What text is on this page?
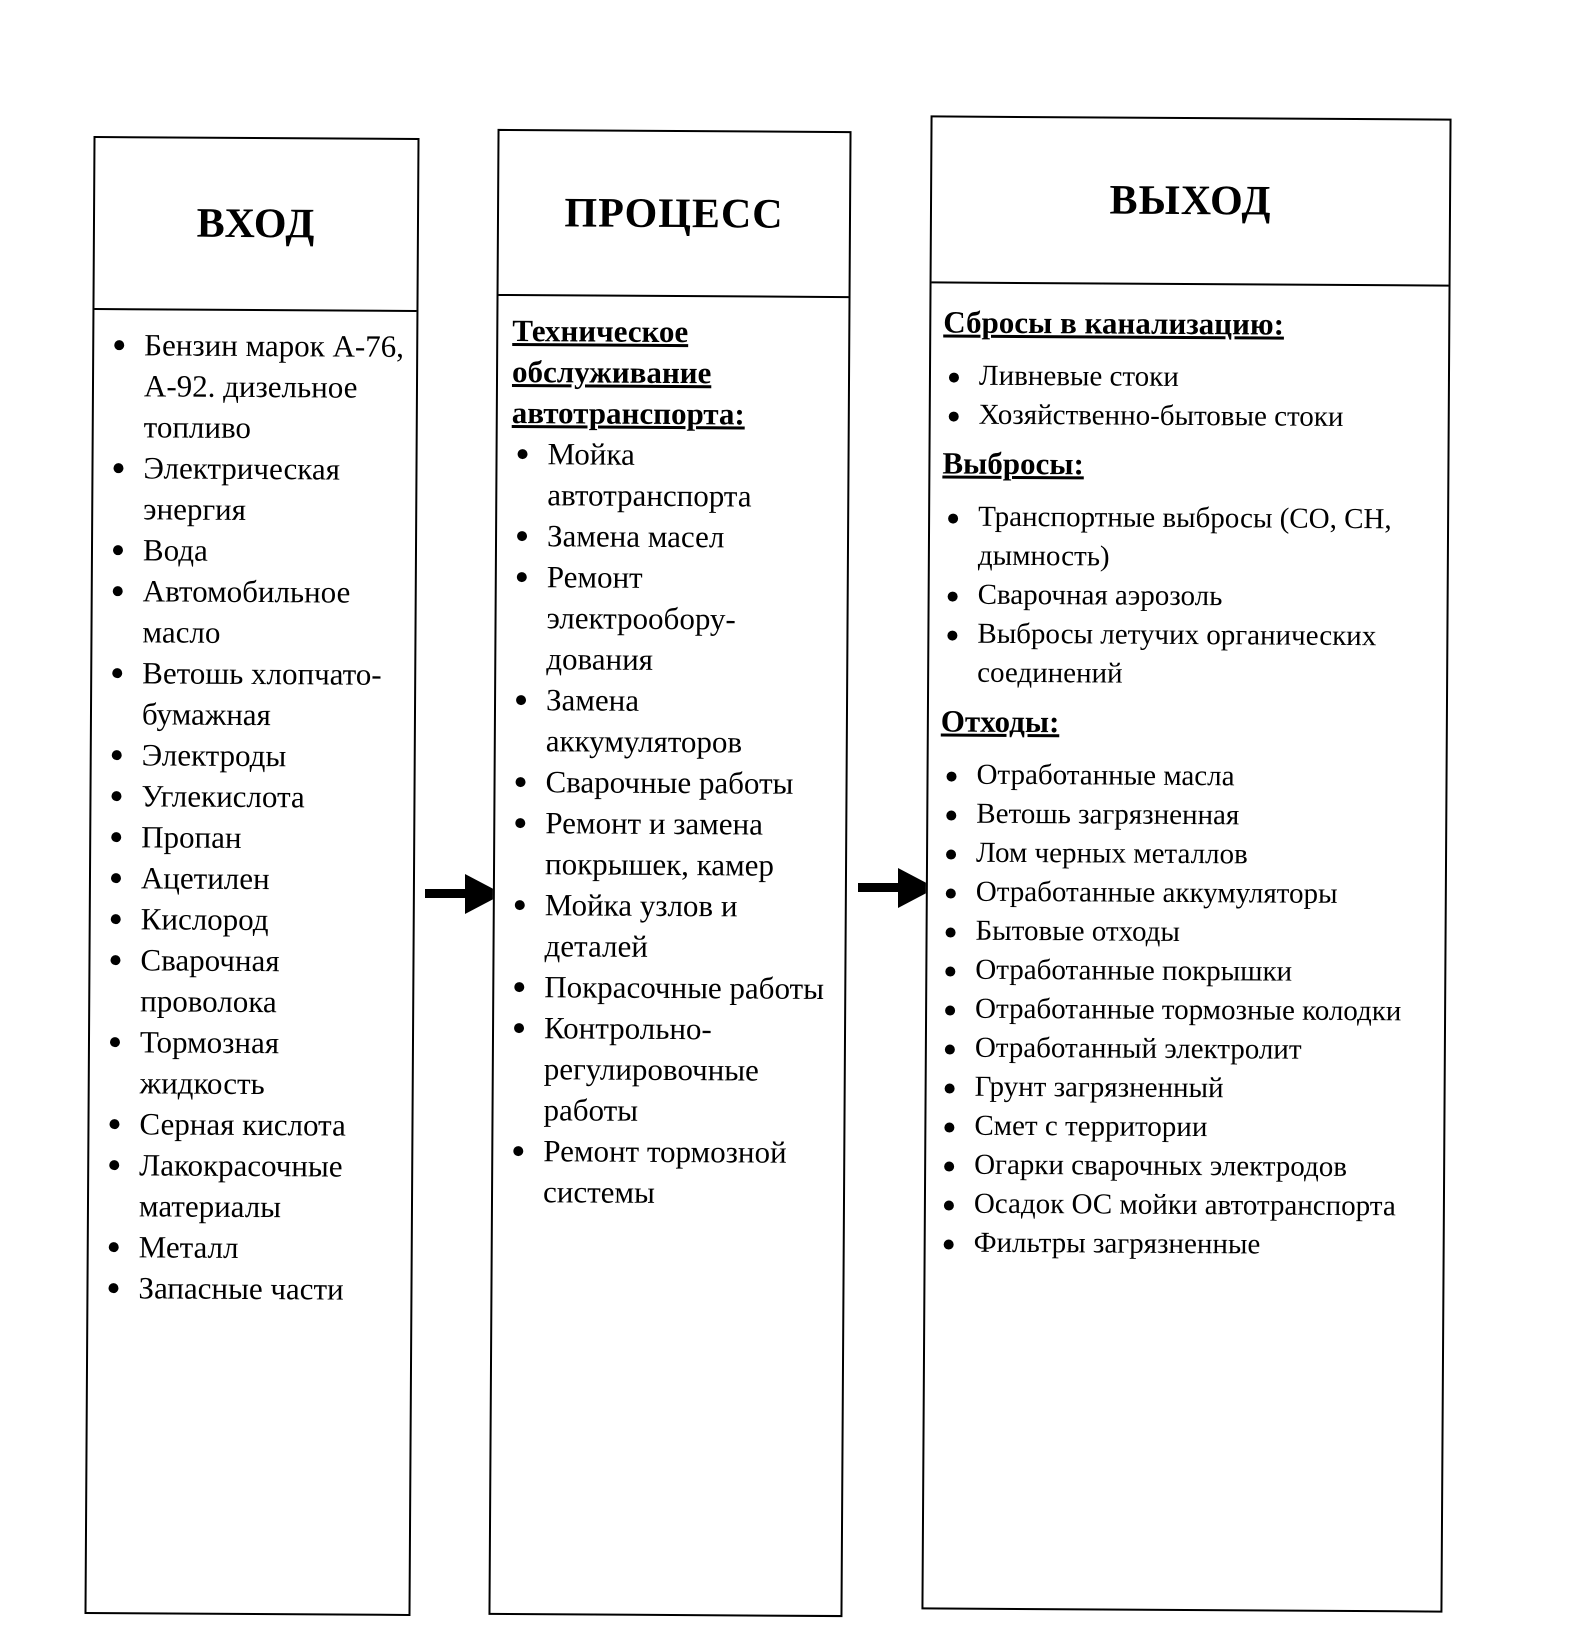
ВХОД
Бензин марок А-76, А-92. дизельное топливо
Электрическая энергия
Вода
Автомобильное масло
Ветошь хлопчато-бумажная
Электроды
Углекислота
Пропан
Ацетилен
Кислород
Сварочная проволока
Тормозная жидкость
Серная кислота
Лакокрасочные материалы
Металл
Запасные части
ПРОЦЕСС
Техническое обслуживание автотранспорта:
Мойка автотранспорта
Замена масел
Ремонт электрообору-дования
Замена аккумуляторов
Сварочные работы
Ремонт и замена покрышек, камер
Мойка узлов и деталей
Покрасочные работы
Контрольно-регулировочные работы
Ремонт тормозной системы
ВЫХОД
Сбросы в канализацию:
Ливневые стоки
Хозяйственно-бытовые стоки
Выбросы:
Транспортные выбросы (CO, CH, дымность)
Сварочная аэрозоль
Выбросы летучих органических соединений
Отходы:
Отработанные масла
Ветошь загрязненная
Лом черных металлов
Отработанные аккумуляторы
Бытовые отходы
Отработанные покрышки
Отработанные тормозные колодки
Отработанный электролит
Грунт загрязненный
Смет с территории
Огарки сварочных электродов
Осадок ОС мойки автотранспорта
Фильтры загрязненные
